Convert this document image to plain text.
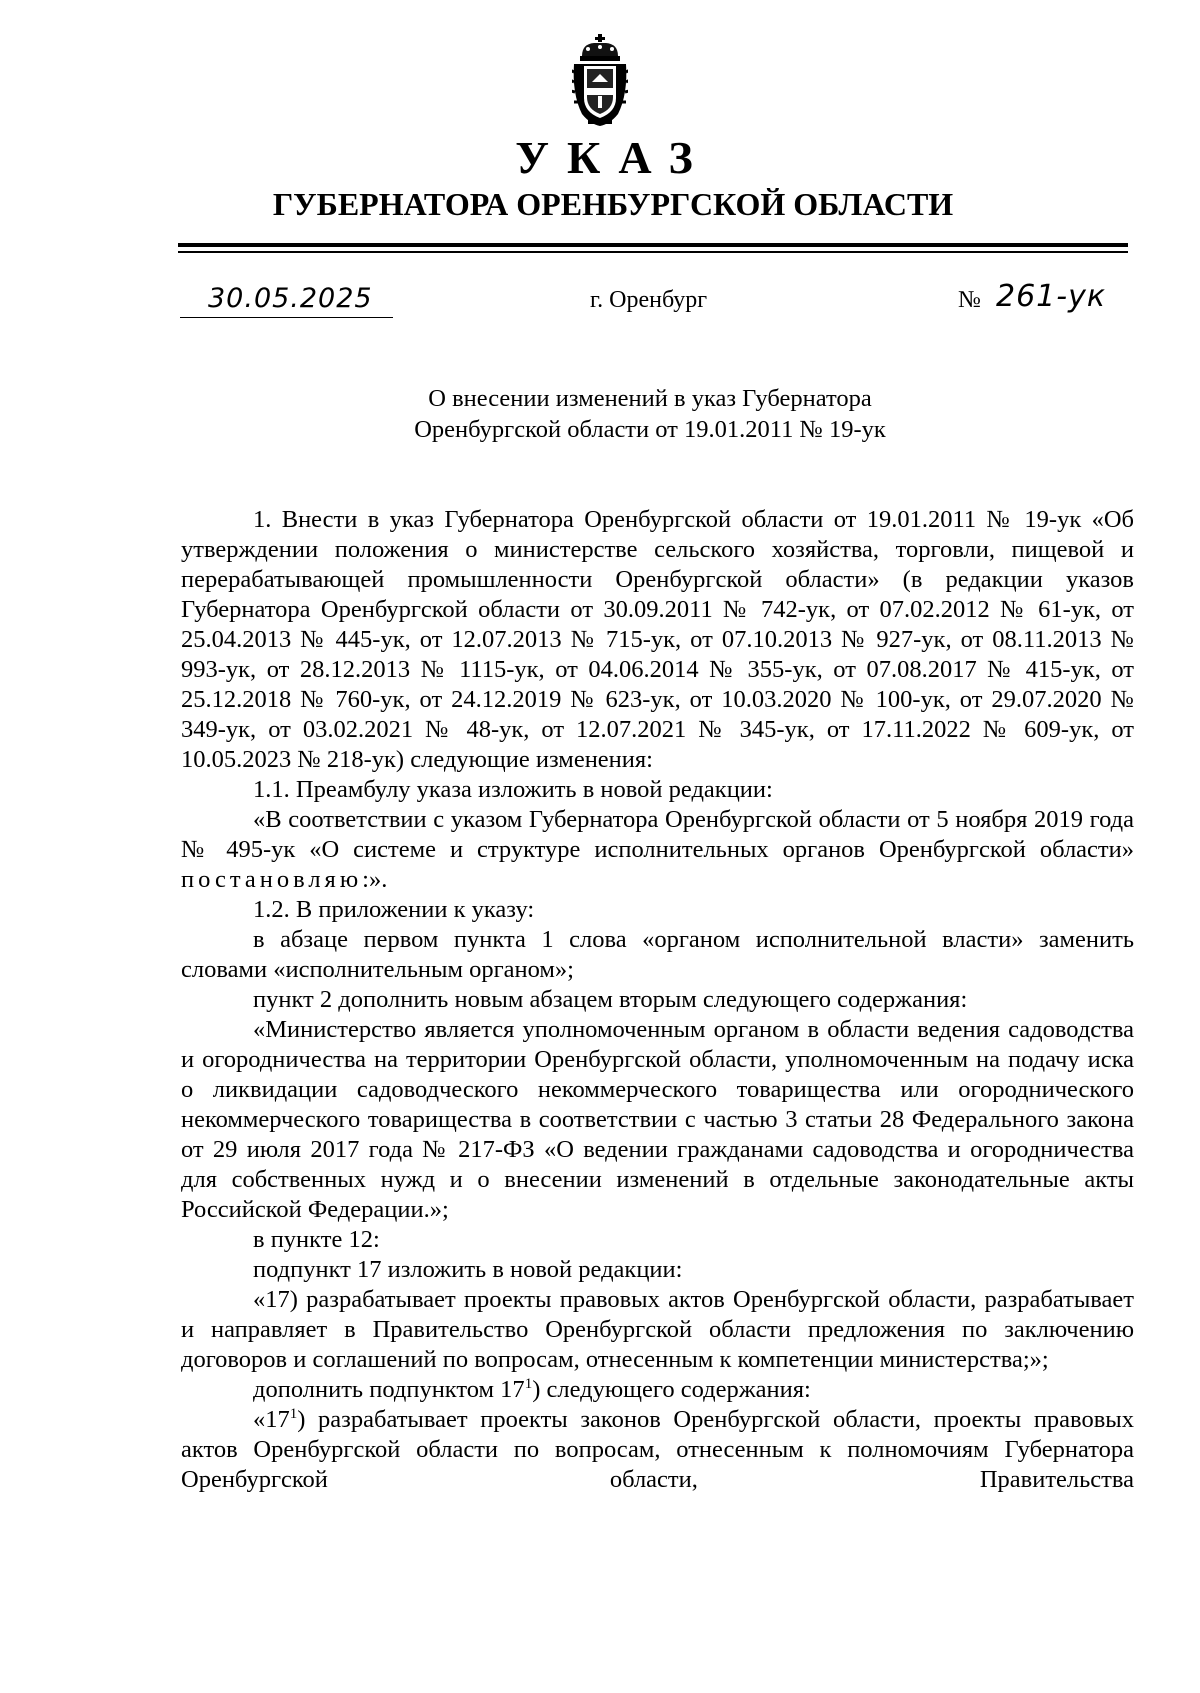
УКАЗ
ГУБЕРНАТОРА ОРЕНБУРГСКОЙ ОБЛАСТИ
30.05.2025	г. Оренбург	№ 261-ук
О внесении изменений в указ Губернатора
Оренбургской области от 19.01.2011 № 19-ук

1. Внести в указ Губернатора Оренбургской области от 19.01.2011 № 19-ук «Об утверждении положения о министерстве сельского хозяйства, торговли, пищевой и перерабатывающей промышленности Оренбургской области» (в редакции указов Губернатора Оренбургской области от 30.09.2011 № 742-ук, от 07.02.2012 № 61-ук, от 25.04.2013 № 445-ук, от 12.07.2013 № 715-ук, от 07.10.2013 № 927-ук, от 08.11.2013 № 993-ук, от 28.12.2013 № 1115-ук, от 04.06.2014 № 355-ук, от 07.08.2017 № 415-ук, от 25.12.2018 № 760-ук, от 24.12.2019 № 623-ук, от 10.03.2020 № 100-ук, от 29.07.2020 № 349-ук, от 03.02.2021 № 48-ук, от 12.07.2021 № 345-ук, от 17.11.2022 № 609-ук, от 10.05.2023 № 218-ук) следующие изменения:

1.1. Преамбулу указа изложить в новой редакции:

«В соответствии с указом Губернатора Оренбургской области от 5 ноября 2019 года № 495-ук «О системе и структуре исполнительных органов Оренбургской области» постановляю:».

1.2. В приложении к указу:

в абзаце первом пункта 1 слова «органом исполнительной власти» заменить словами «исполнительным органом»;

пункт 2 дополнить новым абзацем вторым следующего содержания:

«Министерство является уполномоченным органом в области ведения садоводства и огородничества на территории Оренбургской области, уполномоченным на подачу иска о ликвидации садоводческого некоммерческого товарищества или огороднического некоммерческого товарищества в соответствии с частью 3 статьи 28 Федерального закона от 29 июля 2017 года № 217-ФЗ «О ведении гражданами садоводства и огородничества для собственных нужд и о внесении изменений в отдельные законодательные акты Российской Федерации.»;

в пункте 12:

подпункт 17 изложить в новой редакции:

«17) разрабатывает проекты правовых актов Оренбургской области, разрабатывает и направляет в Правительство Оренбургской области предложения по заключению договоров и соглашений по вопросам, отнесенным к компетенции министерства;»;

дополнить подпунктом $17^1$) следующего содержания:

«$17^1$) разрабатывает проекты законов Оренбургской области, проекты правовых актов Оренбургской области по вопросам, отнесенным к полномочиям Губернатора Оренбургской области, Правительства
